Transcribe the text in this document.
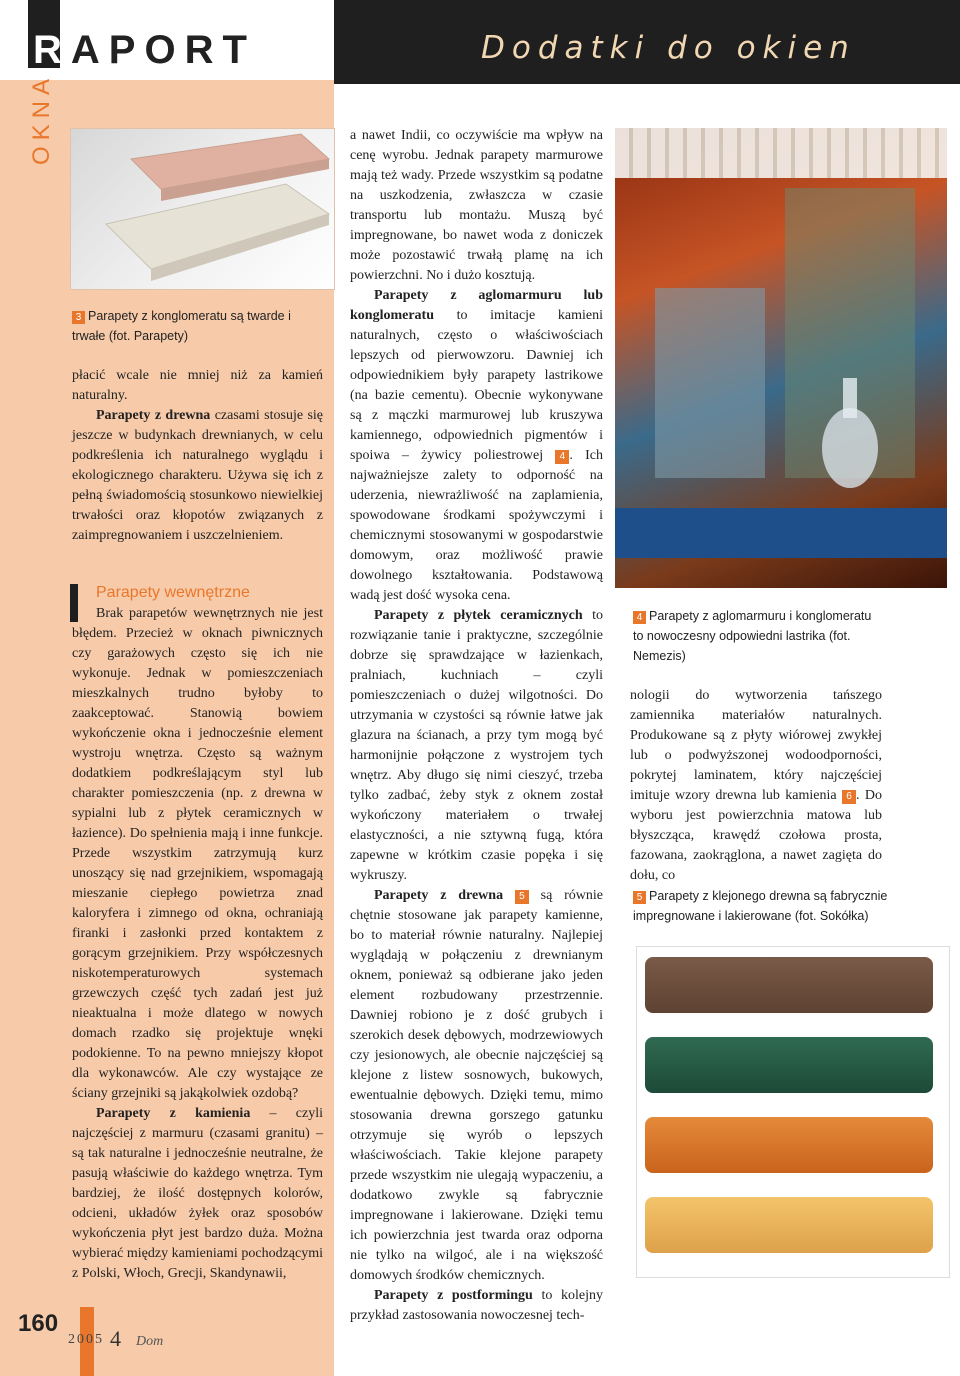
RAPORT	Dodatki do okien
OKNA
3 Parapety z konglomeratu są twarde i trwałe (fot. Parapety)

płacić wcale nie mniej niż za kamień naturalny.

Parapety z drewna czasami stosuje się jeszcze w budynkach drewnianych, w celu podkreślenia ich naturalnego wyglądu i ekologicznego charakteru. Używa się ich z pełną świadomością stosunkowo niewielkiej trwałości oraz kłopotów związanych z zaimpregnowaniem i uszczelnieniem.

Parapety wewnętrzne

Brak parapetów wewnętrznych nie jest błędem. Przecież w oknach piwnicznych czy garażowych często się ich nie wykonuje. Jednak w pomieszczeniach mieszkalnych trudno byłoby to zaakceptować. Stanowią bowiem wykończenie okna i jednocześnie element wystroju wnętrza. Często są ważnym dodatkiem podkreślającym styl lub charakter pomieszczenia (np. z drewna w sypialni lub z płytek ceramicznych w łazience). Do spełnienia mają i inne funkcje. Przede wszystkim zatrzymują kurz unoszący się nad grzejnikiem, wspomagają mieszanie ciepłego powietrza znad kaloryfera i zimnego od okna, ochraniają firanki i zasłonki przed kontaktem z gorącym grzejnikiem. Przy współczesnych niskotemperaturowych systemach grzewczych część tych zadań jest już nieaktualna i może dlatego w nowych domach rzadko się projektuje wnęki podokienne. To na pewno mniejszy kłopot dla wykonawców. Ale czy wystające ze ściany grzejniki są jakąkolwiek ozdobą?

Parapety z kamienia – czyli najczęściej z marmuru (czasami granitu) – są tak naturalne i jednocześnie neutralne, że pasują właściwie do każdego wnętrza. Tym bardziej, że ilość dostępnych kolorów, odcieni, układów żyłek oraz sposobów wykończenia płyt jest bardzo duża. Można wybierać między kamieniami pochodzącymi z Polski, Włoch, Grecji, Skandynawii,

160
2005 4 Dom

a nawet Indii, co oczywiście ma wpływ na cenę wyrobu. Jednak parapety marmurowe mają też wady. Przede wszystkim są podatne na uszkodzenia, zwłaszcza w czasie transportu lub montażu. Muszą być impregnowane, bo nawet woda z doniczek może pozostawić trwałą plamę na ich powierzchni. No i dużo kosztują.

Parapety z aglomarmuru lub konglomeratu to imitacje kamieni naturalnych, często o właściwościach lepszych od pierwowzoru. Dawniej ich odpowiednikiem były parapety lastrikowe (na bazie cementu). Obecnie wykonywane są z mączki marmurowej lub kruszywa kamiennego, odpowiednich pigmentów i spoiwa – żywicy poliestrowej 4 . Ich najważniejsze zalety to odporność na uderzenia, niewrażliwość na zaplamienia, spowodowane środkami spożywczymi i chemicznymi stosowanymi w gospodarstwie domowym, oraz możliwość prawie dowolnego kształtowania. Podstawową wadą jest dość wysoka cena.

Parapety z płytek ceramicznych to rozwiązanie tanie i praktyczne, szczególnie dobrze się sprawdzające w łazienkach, pralniach, kuchniach – czyli pomieszczeniach o dużej wilgotności. Do utrzymania w czystości są równie łatwe jak glazura na ścianach, a przy tym mogą być harmonijnie połączone z wystrojem tych wnętrz. Aby długo się nimi cieszyć, trzeba tylko zadbać, żeby styk z oknem został wykończony materiałem o trwałej elastyczności, a nie sztywną fugą, która zapewne w krótkim czasie popęka i się wykruszy.

Parapety z drewna 5 są równie chętnie stosowane jak parapety kamienne, bo to materiał równie naturalny. Najlepiej wyglądają w połączeniu z drewnianym oknem, ponieważ są odbierane jako jeden element rozbudowany przestrzennie. Dawniej robiono je z dość grubych i szerokich desek dębowych, modrzewiowych czy jesionowych, ale obecnie najczęściej są klejone z listew sosnowych, bukowych, ewentualnie dębowych. Dzięki temu, mimo stosowania drewna gorszego gatunku otrzymuje się wyrób o lepszych właściwościach. Takie klejone parapety przede wszystkim nie ulegają wypaczeniu, a dodatkowo zwykle są fabrycznie impregnowane i lakierowane. Dzięki temu ich powierzchnia jest twarda oraz odporna nie tylko na wilgoć, ale i na większość domowych środków chemicznych.

Parapety z postformingu to kolejny przykład zastosowania nowoczesnej tech-

4 Parapety z aglomarmuru i konglomeratu to nowoczesny odpowiedni lastrika (fot. Nemezis)

nologii do wytworzenia tańszego zamiennika materiałów naturalnych. Produkowane są z płyty wiórowej zwykłej lub o podwyższonej wodoodporności, pokrytej laminatem, który najczęściej imituje wzory drewna lub kamienia 6 . Do wyboru jest powierzchnia matowa lub błyszcząca, krawędź czołowa prosta, fazowana, zaokrąglona, a nawet zagięta do dołu, co

5 Parapety z klejonego drewna są fabrycznie impregnowane i lakierowane (fot. Sokółka)
